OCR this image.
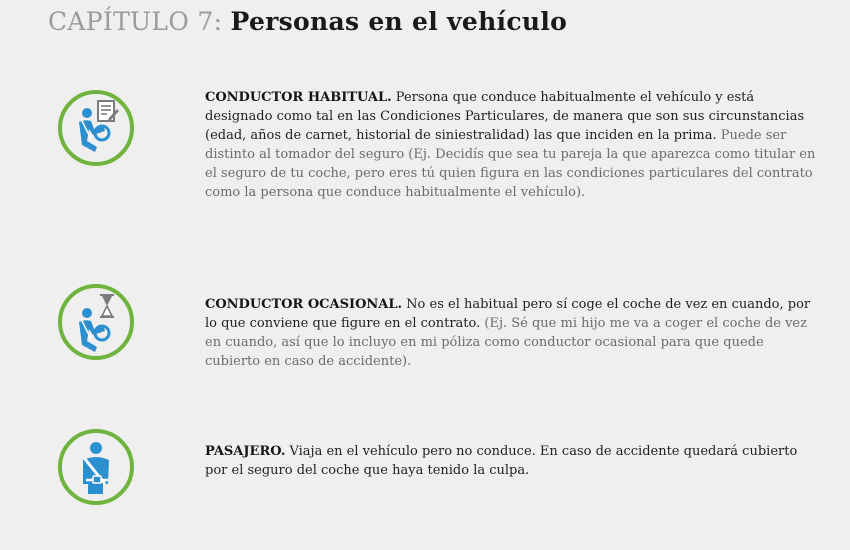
CAPÍTULO 7: Personas en el vehículo
CONDUCTOR HABITUAL. Persona que conduce habitualmente el vehículo y está designado como tal en las Condiciones Particulares, de manera que son sus circunstancias (edad, años de carnet, historial de siniestralidad) las que inciden en la prima. Puede ser distinto al tomador del seguro (Ej. Decidís que sea tu pareja la que aparezca como titular en el seguro de tu coche, pero eres tú quien figura en las condiciones particulares del contrato como la persona que conduce habitualmente el vehículo).
CONDUCTOR OCASIONAL. No es el habitual pero sí coge el coche de vez en cuando, por lo que conviene que figure en el contrato. (Ej. Sé que mi hijo me va a coger el coche de vez en cuando, así que lo incluyo en mi póliza como conductor ocasional para que quede cubierto en caso de accidente).
PASAJERO. Viaja en el vehículo pero no conduce. En caso de accidente quedará cubierto por el seguro del coche que haya tenido la culpa.
